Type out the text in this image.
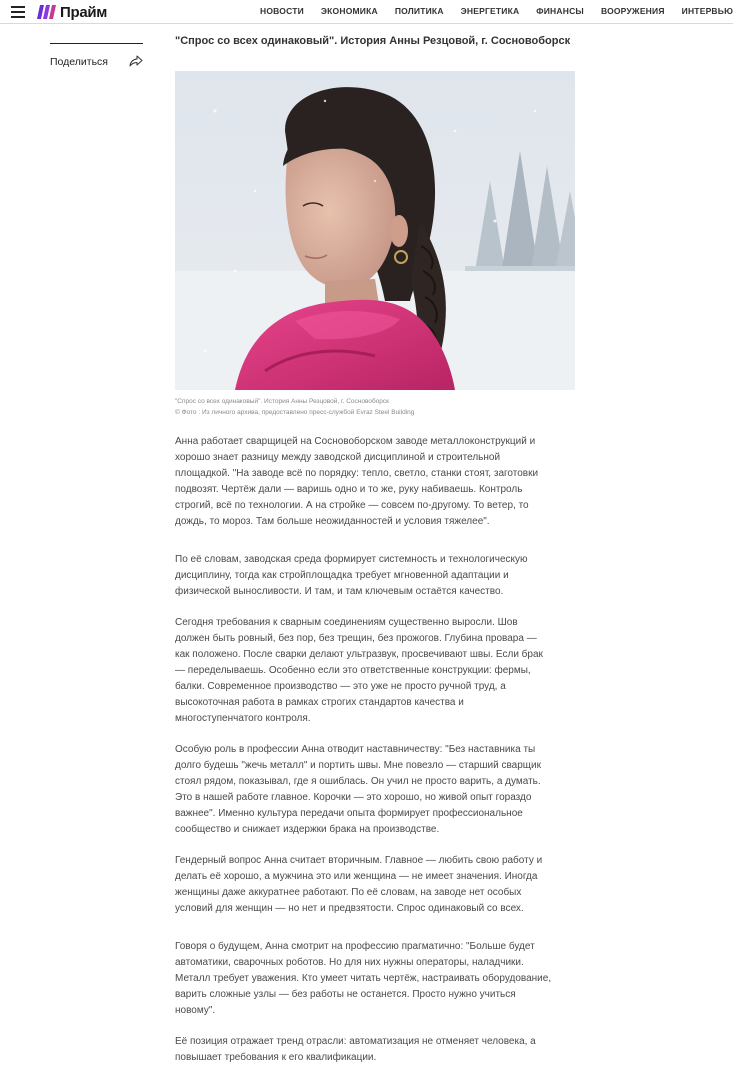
Прайм	НОВОСТИ ЭКОНОМИКА ПОЛИТИКА ЭНЕРГЕТИКА ФИНАНСЫ ВООРУЖЕНИЯ ИНТЕРВЬЮ
Поделиться
"Спрос со всех одинаковый". История Анны Резцовой, г. Сосновоборск
"Спрос со всех одинаковый". История Анны Резцовой, г. Сосновоборск
© Фото : Из личного архива, предоставлено пресс-службой Evraz Steel Building
Анна работает сварщицей на Сосновоборском заводе металлоконструкций и
хорошо знает разницу между заводской дисциплиной и строительной
площадкой. "На заводе всё по порядку: тепло, светло, станки стоят, заготовки
подвозят. Чертёж дали — варишь одно и то же, руку набиваешь. Контроль
строгий, всё по технологии. А на стройке — совсем по-другому. То ветер, то
дождь, то мороз. Там больше неожиданностей и условия тяжелее".
По её словам, заводская среда формирует системность и технологическую
дисциплину, тогда как стройплощадка требует мгновенной адаптации и
физической выносливости. И там, и там ключевым остаётся качество.
Сегодня требования к сварным соединениям существенно выросли. Шов
должен быть ровный, без пор, без трещин, без прожогов. Глубина провара —
как положено. После сварки делают ультразвук, просвечивают швы. Если брак
— переделываешь. Особенно если это ответственные конструкции: фермы,
балки. Современное производство — это уже не просто ручной труд, а
высокоточная работа в рамках строгих стандартов качества и
многоступенчатого контроля.
Особую роль в профессии Анна отводит наставничеству: "Без наставника ты
долго будешь "жечь металл" и портить швы. Мне повезло — старший сварщик
стоял рядом, показывал, где я ошиблась. Он учил не просто варить, а думать.
Это в нашей работе главное. Корочки — это хорошо, но живой опыт гораздо
важнее". Именно культура передачи опыта формирует профессиональное
сообщество и снижает издержки брака на производстве.
Гендерный вопрос Анна считает вторичным. Главное — любить свою работу и
делать её хорошо, а мужчина это или женщина — не имеет значения. Иногда
женщины даже аккуратнее работают. По её словам, на заводе нет особых
условий для женщин — но нет и предвзятости. Спрос одинаковый со всех.
Говоря о будущем, Анна смотрит на профессию прагматично: "Больше будет
автоматики, сварочных роботов. Но для них нужны операторы, наладчики.
Металл требует уважения. Кто умеет читать чертёж, настраивать оборудование,
варить сложные узлы — без работы не останется. Просто нужно учиться
новому".
Её позиция отражает тренд отрасли: автоматизация не отменяет человека, а
повышает требования к его квалификации.
